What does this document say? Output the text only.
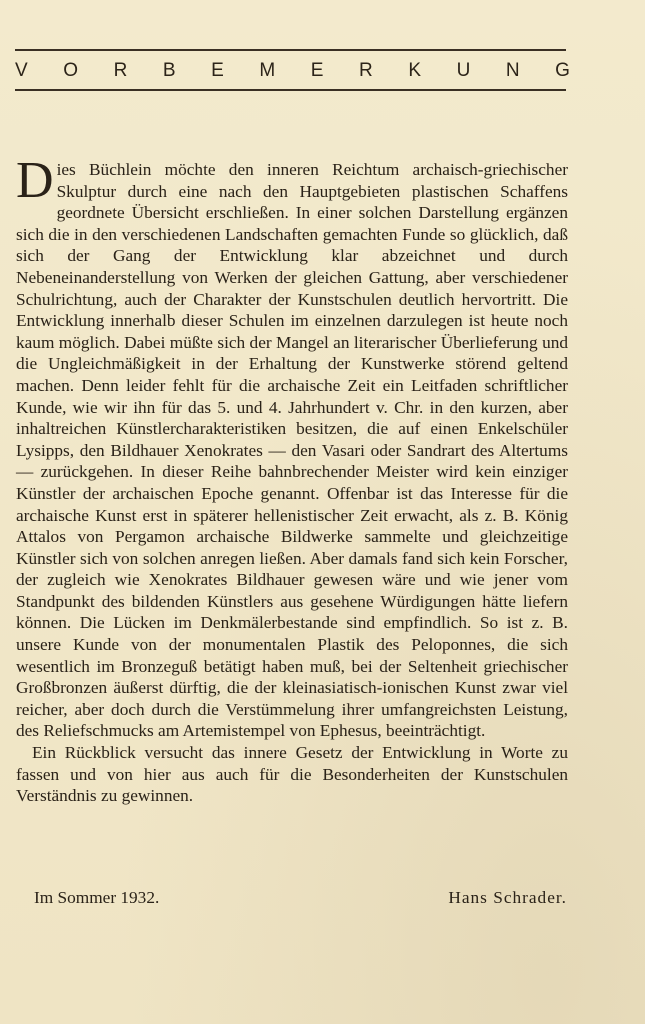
V O R B E M E R K U N G

Dies Büchlein möchte den inneren Reichtum archaisch-griechischer Skulptur durch eine nach den Hauptgebieten plastischen Schaffens geordnete Übersicht erschließen. In einer solchen Darstellung ergänzen sich die in den verschiedenen Landschaften gemachten Funde so glücklich, daß sich der Gang der Entwicklung klar abzeichnet und durch Nebeneinanderstellung von Werken der gleichen Gattung, aber verschiedener Schulrichtung, auch der Charakter der Kunstschulen deutlich hervortritt. Die Entwicklung innerhalb dieser Schulen im einzelnen darzulegen ist heute noch kaum möglich. Dabei müßte sich der Mangel an literarischer Überlieferung und die Ungleichmäßigkeit in der Erhaltung der Kunstwerke störend geltend machen. Denn leider fehlt für die archaische Zeit ein Leitfaden schriftlicher Kunde, wie wir ihn für das 5. und 4. Jahrhundert v. Chr. in den kurzen, aber inhaltreichen Künstlercharakteristiken besitzen, die auf einen Enkelschüler Lysipps, den Bildhauer Xenokrates — den Vasari oder Sandrart des Altertums — zurückgehen. In dieser Reihe bahnbrechender Meister wird kein einziger Künstler der archaischen Epoche genannt. Offenbar ist das Interesse für die archaische Kunst erst in späterer hellenistischer Zeit erwacht, als z. B. König Attalos von Pergamon archaische Bildwerke sammelte und gleichzeitige Künstler sich von solchen anregen ließen. Aber damals fand sich kein Forscher, der zugleich wie Xenokrates Bildhauer gewesen wäre und wie jener vom Standpunkt des bildenden Künstlers aus gesehene Würdigungen hätte liefern können. Die Lücken im Denkmälerbestande sind empfindlich. So ist z. B. unsere Kunde von der monumentalen Plastik des Peloponnes, die sich wesentlich im Bronzeguß betätigt haben muß, bei der Seltenheit griechischer Großbronzen äußerst dürftig, die der kleinasiatisch-ionischen Kunst zwar viel reicher, aber doch durch die Verstümmelung ihrer umfangreichsten Leistung, des Reliefschmucks am Artemistempel von Ephesus, beeinträchtigt.

Ein Rückblick versucht das innere Gesetz der Entwicklung in Worte zu fassen und von hier aus auch für die Besonderheiten der Kunstschulen Verständnis zu gewinnen.

Im Sommer 1932.	Hans Schrader.
